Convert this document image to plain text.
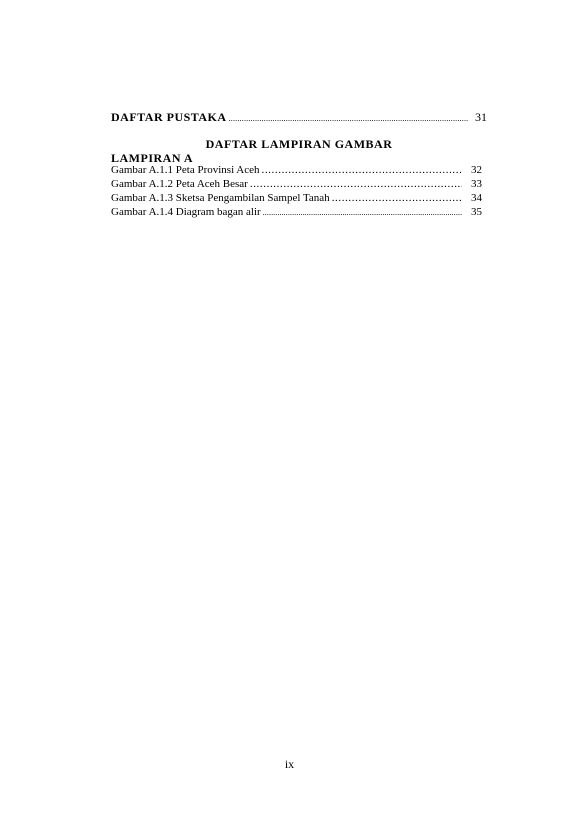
DAFTAR PUSTAKA .....	31
DAFTAR LAMPIRAN GAMBAR
LAMPIRAN A
Gambar A.1.1 Peta Provinsi Aceh .....	32
Gambar A.1.2 Peta Aceh Besar .....	33
Gambar A.1.3 Sketsa Pengambilan Sampel Tanah .....	34
Gambar A.1.4 Diagram bagan alir .....	35
ix
